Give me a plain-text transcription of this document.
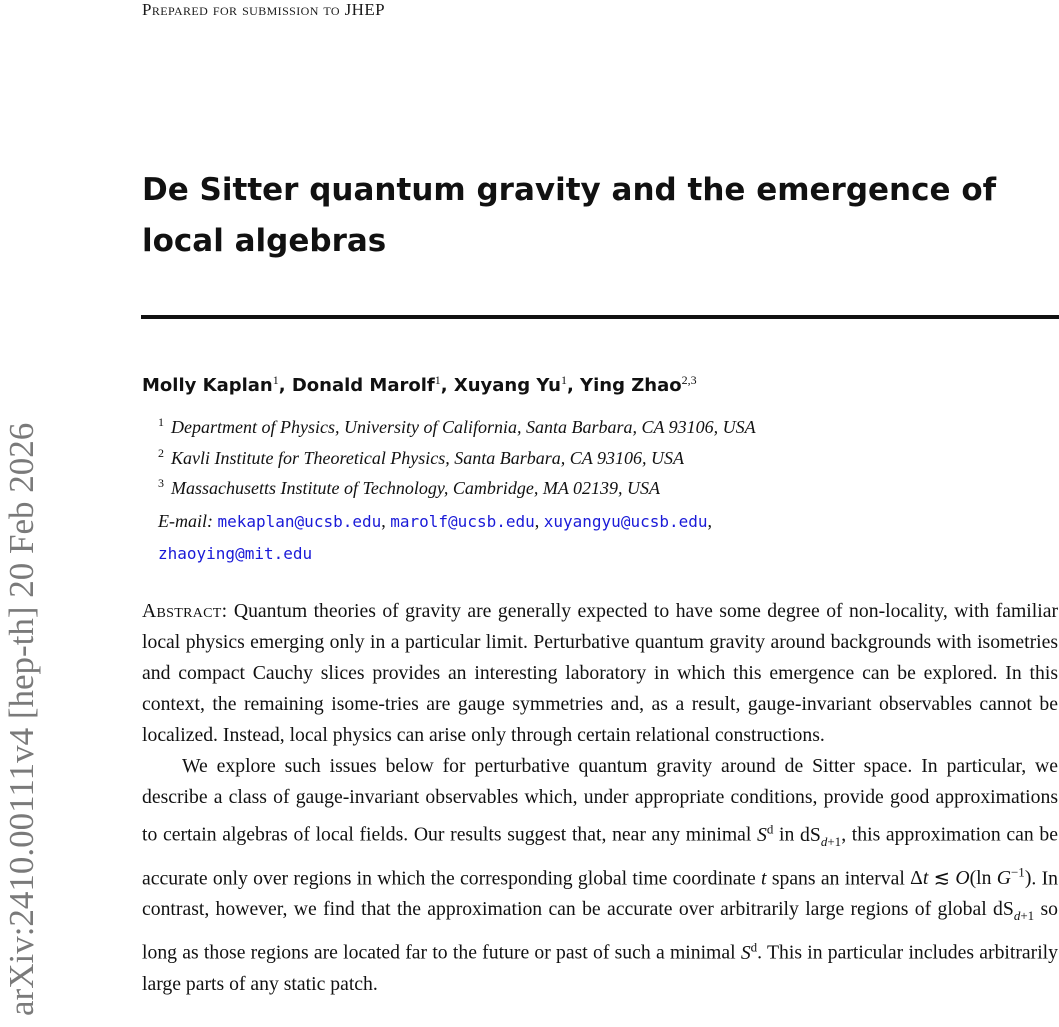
Prepared for submission to JHEP
De Sitter quantum gravity and the emergence of local algebras
Molly Kaplan$^1$, Donald Marolf$^1$, Xuyang Yu$^1$, Ying Zhao$^{2,3}$
$^1$ Department of Physics, University of California, Santa Barbara, CA 93106, USA
$^2$ Kavli Institute for Theoretical Physics, Santa Barbara, CA 93106, USA
$^3$ Massachusetts Institute of Technology, Cambridge, MA 02139, USA
E-mail: mekaplan@ucsb.edu, marolf@ucsb.edu, xuyangyu@ucsb.edu,
zhaoying@mit.edu

Abstract: Quantum theories of gravity are generally expected to have some degree of non-locality, with familiar local physics emerging only in a particular limit. Perturbative quantum gravity around backgrounds with isometries and compact Cauchy slices provides an interesting laboratory in which this emergence can be explored. In this context, the remaining isome-tries are gauge symmetries and, as a result, gauge-invariant observables cannot be localized. Instead, local physics can arise only through certain relational constructions.

We explore such issues below for perturbative quantum gravity around de Sitter space. In particular, we describe a class of gauge-invariant observables which, under appropriate conditions, provide good approximations to certain algebras of local fields. Our results suggest that, near any minimal $S^d$ in $dS_{d+1}$, this approximation can be accurate only over regions in which the corresponding global time coordinate t spans an interval Δt ≲ O(ln $G^{-1}$). In contrast, however, we find that the approximation can be accurate over arbitrarily large regions of global $dS_{d+1}$ so long as those regions are located far to the future or past of such a minimal $S^d$. This in particular includes arbitrarily large parts of any static patch.

arXiv:2410.00111v4 [hep-th] 20 Feb 2026
